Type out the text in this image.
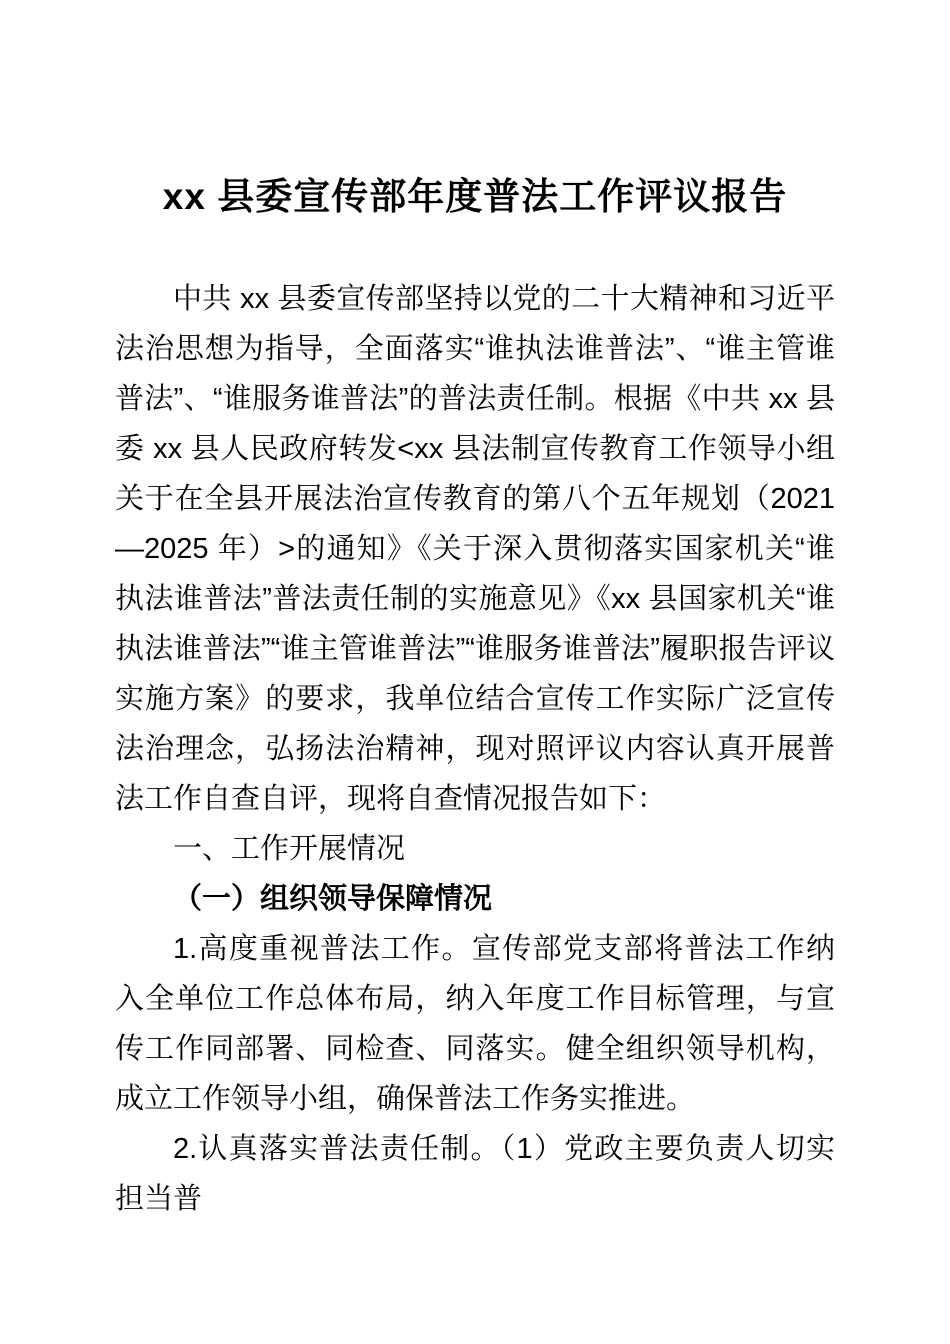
xx 县委宣传部年度普法工作评议报告

中共 xx 县委宣传部坚持以党的二十大精神和习近平法治思想为指导，全面落实“谁执法谁普法”、“谁主管谁普法”、“谁服务谁普法”的普法责任制。根据《中共 xx 县委 xx 县人民政府转发<xx 县法制宣传教育工作领导小组关于在全县开展法治宣传教育的第八个五年规划（2021—2025 年）>的通知》《关于深入贯彻落实国家机关“谁执法谁普法”普法责任制的实施意见》《xx 县国家机关“谁执法谁普法”“谁主管谁普法”“谁服务谁普法”履职报告评议实施方案》的要求，我单位结合宣传工作实际广泛宣传法治理念，弘扬法治精神，现对照评议内容认真开展普法工作自查自评，现将自查情况报告如下：

一、工作开展情况

（一）组织领导保障情况

1.高度重视普法工作。宣传部党支部将普法工作纳入全单位工作总体布局，纳入年度工作目标管理，与宣传工作同部署、同检查、同落实。健全组织领导机构，成立工作领导小组，确保普法工作务实推进。

2.认真落实普法责任制。（1）党政主要负责人切实担当普
